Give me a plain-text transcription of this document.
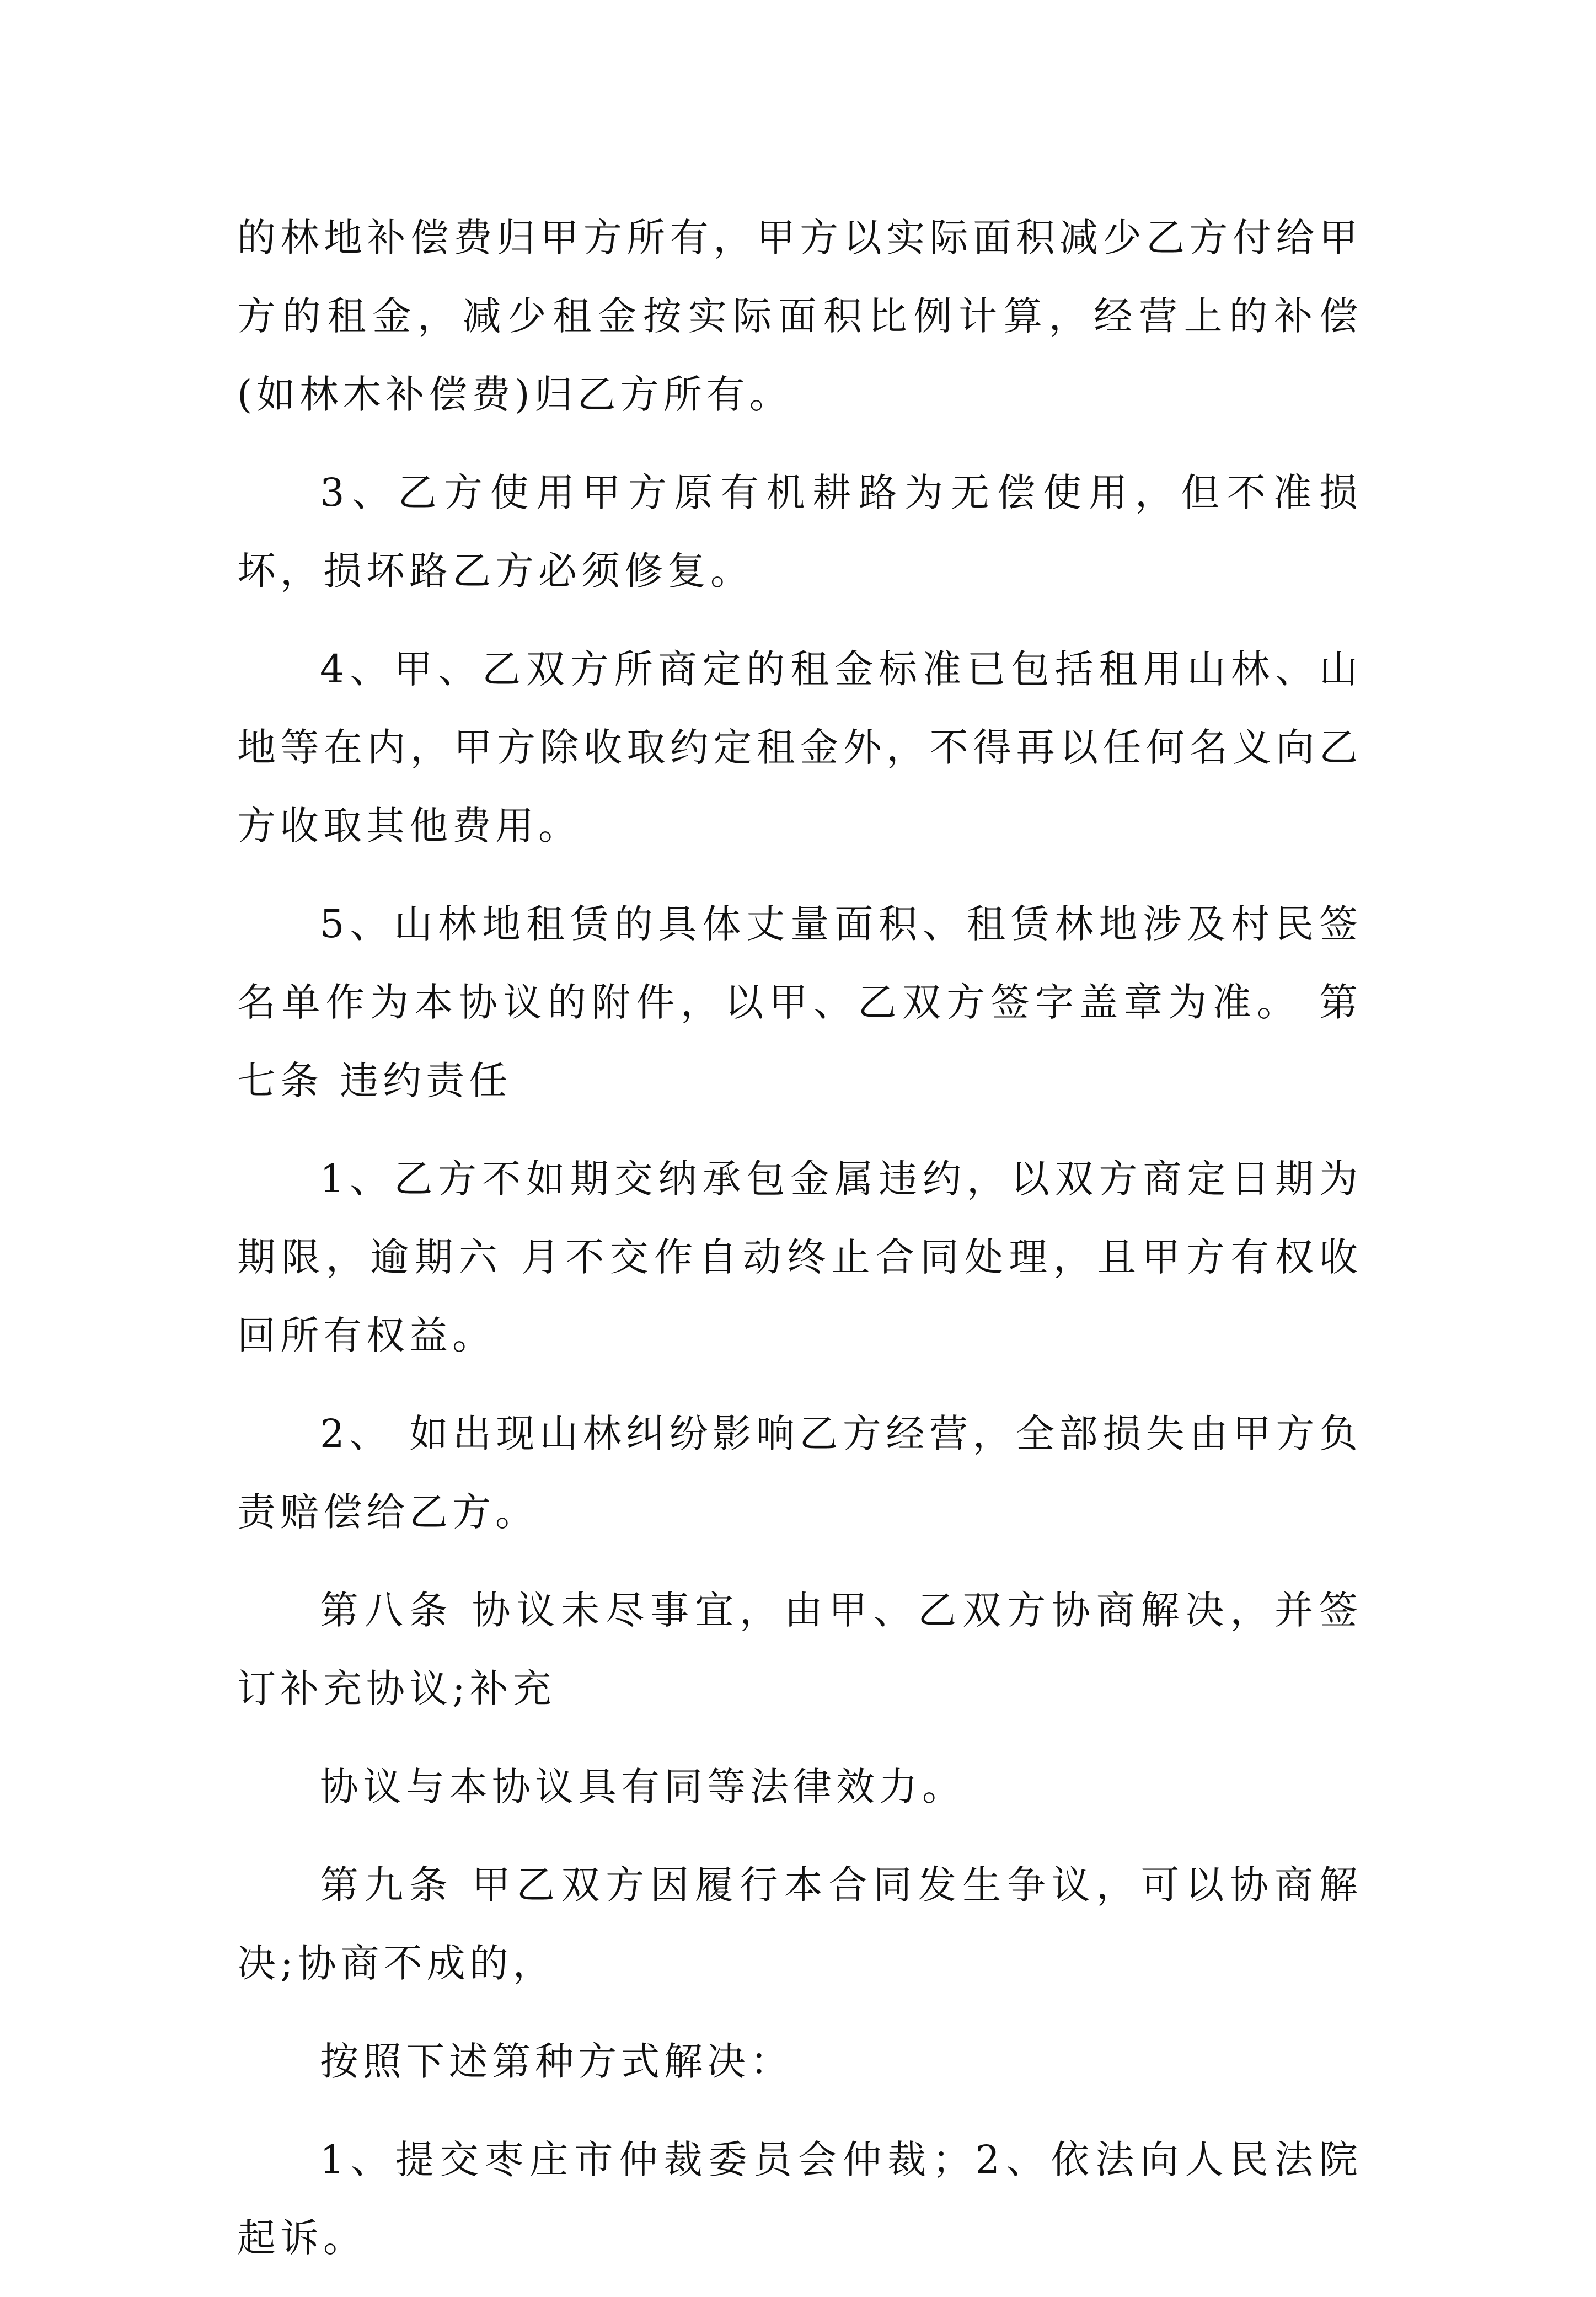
的林地补偿费归甲方所有，甲方以实际面积减少乙方付给甲方的租金，减少租金按实际面积比例计算，经营上的补偿(如林木补偿费)归乙方所有。

3、乙方使用甲方原有机耕路为无偿使用，但不准损坏，损坏路乙方必须修复。

4、甲、乙双方所商定的租金标准已包括租用山林、山地等在内，甲方除收取约定租金外，不得再以任何名义向乙方收取其他费用。

5、山林地租赁的具体丈量面积、租赁林地涉及村民签名单作为本协议的附件，以甲、乙双方签字盖章为准。 第七条 违约责任

1、乙方不如期交纳承包金属违约，以双方商定日期为期限，逾期六 月不交作自动终止合同处理，且甲方有权收回所有权益。

2、 如出现山林纠纷影响乙方经营，全部损失由甲方负责赔偿给乙方。

第八条 协议未尽事宜，由甲、乙双方协商解决，并签订补充协议;补充

协议与本协议具有同等法律效力。

第九条 甲乙双方因履行本合同发生争议，可以协商解决;协商不成的，

按照下述第种方式解决：

1、提交枣庄市仲裁委员会仲裁；2、依法向人民法院起诉。
